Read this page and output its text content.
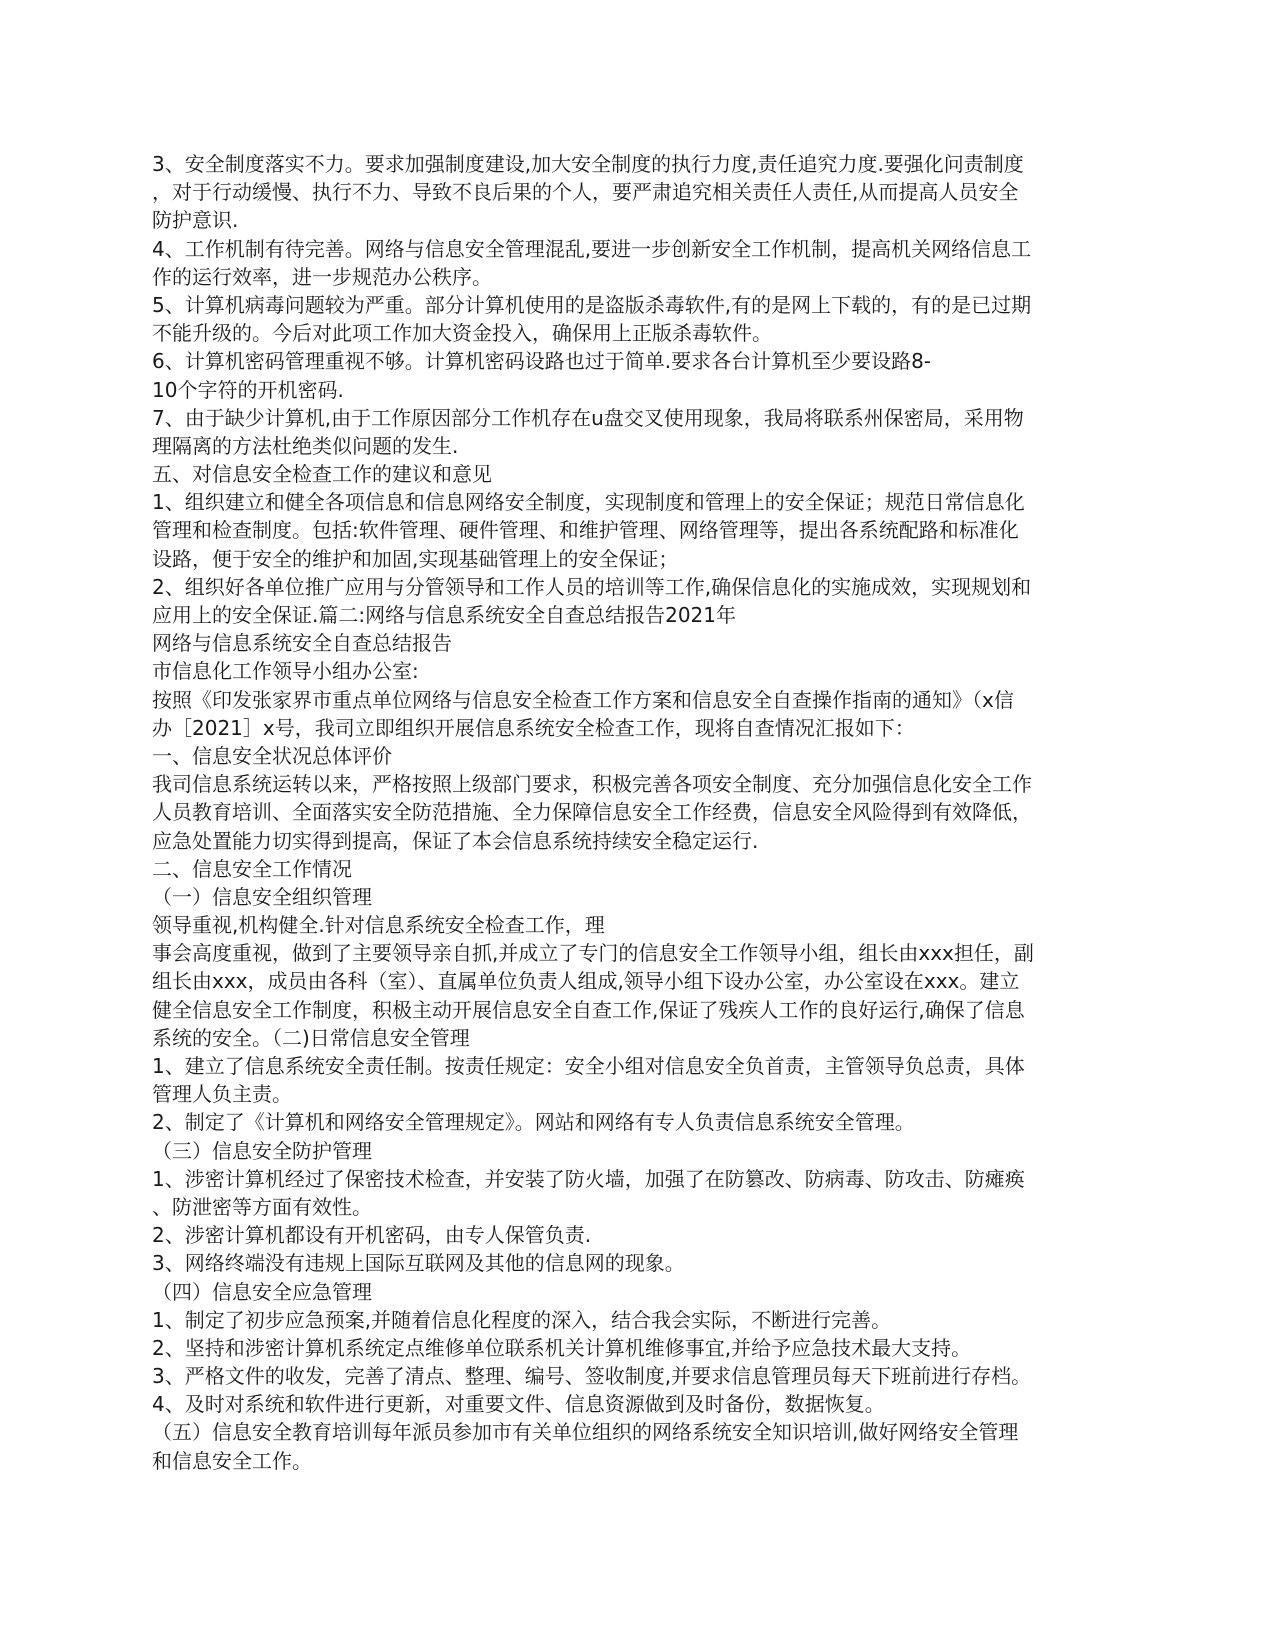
3、安全制度落实不力。要求加强制度建设,加大安全制度的执行力度,责任追究力度.要强化问责制度
，对于行动缓慢、执行不力、导致不良后果的个人，要严肃追究相关责任人责任,从而提高人员安全
防护意识.
4、工作机制有待完善。网络与信息安全管理混乱,要进一步创新安全工作机制，提高机关网络信息工
作的运行效率，进一步规范办公秩序。
5、计算机病毒问题较为严重。部分计算机使用的是盗版杀毒软件,有的是网上下载的，有的是已过期
不能升级的。今后对此项工作加大资金投入，确保用上正版杀毒软件。
6、计算机密码管理重视不够。计算机密码设路也过于简单.要求各台计算机至少要设路8-
10个字符的开机密码.
7、由于缺少计算机,由于工作原因部分工作机存在u盘交叉使用现象，我局将联系州保密局，采用物
理隔离的方法杜绝类似问题的发生.
五、对信息安全检查工作的建议和意见
1、组织建立和健全各项信息和信息网络安全制度，实现制度和管理上的安全保证；规范日常信息化
管理和检查制度。包括:软件管理、硬件管理、和维护管理、网络管理等，提出各系统配路和标准化
设路，便于安全的维护和加固,实现基础管理上的安全保证；
2、组织好各单位推广应用与分管领导和工作人员的培训等工作,确保信息化的实施成效，实现规划和
应用上的安全保证.篇二:网络与信息系统安全自查总结报告2021年
网络与信息系统安全自查总结报告
市信息化工作领导小组办公室:
按照《印发张家界市重点单位网络与信息安全检查工作方案和信息安全自查操作指南的通知》（x信
办［2021］x号，我司立即组织开展信息系统安全检查工作，现将自查情况汇报如下：
一、信息安全状况总体评价
我司信息系统运转以来，严格按照上级部门要求，积极完善各项安全制度、充分加强信息化安全工作
人员教育培训、全面落实安全防范措施、全力保障信息安全工作经费，信息安全风险得到有效降低，
应急处置能力切实得到提高，保证了本会信息系统持续安全稳定运行.
二、信息安全工作情况
（一）信息安全组织管理
领导重视,机构健全.针对信息系统安全检查工作，理
事会高度重视，做到了主要领导亲自抓,并成立了专门的信息安全工作领导小组，组长由xxx担任，副
组长由xxx，成员由各科（室）、直属单位负责人组成,领导小组下设办公室，办公室设在xxx。建立
健全信息安全工作制度，积极主动开展信息安全自查工作,保证了残疾人工作的良好运行,确保了信息
系统的安全。（二)日常信息安全管理
1、建立了信息系统安全责任制。按责任规定：安全小组对信息安全负首责，主管领导负总责，具体
管理人负主责。
2、制定了《计算机和网络安全管理规定》。网站和网络有专人负责信息系统安全管理。
（三）信息安全防护管理
1、涉密计算机经过了保密技术检查，并安装了防火墙，加强了在防篡改、防病毒、防攻击、防瘫痪
、防泄密等方面有效性。
2、涉密计算机都设有开机密码，由专人保管负责.
3、网络终端没有违规上国际互联网及其他的信息网的现象。
（四）信息安全应急管理
1、制定了初步应急预案,并随着信息化程度的深入，结合我会实际，不断进行完善。
2、坚持和涉密计算机系统定点维修单位联系机关计算机维修事宜,并给予应急技术最大支持。
3、严格文件的收发，完善了清点、整理、编号、签收制度,并要求信息管理员每天下班前进行存档。
4、及时对系统和软件进行更新，对重要文件、信息资源做到及时备份，数据恢复。
（五）信息安全教育培训每年派员参加市有关单位组织的网络系统安全知识培训,做好网络安全管理
和信息安全工作。
